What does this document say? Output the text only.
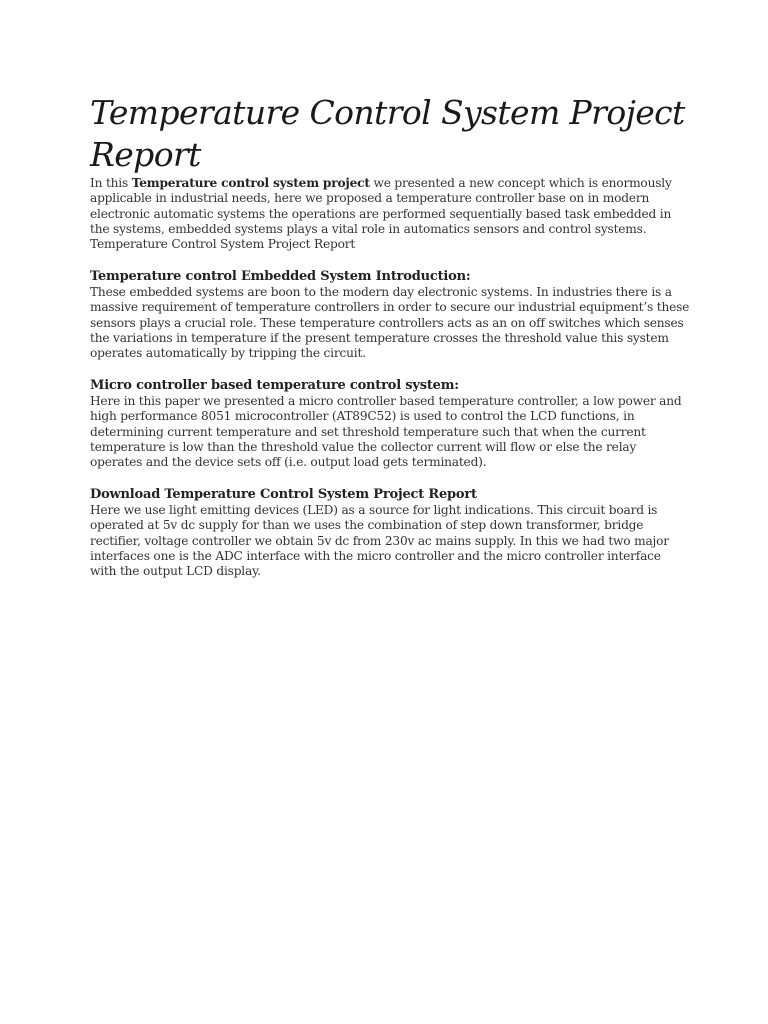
Temperature Control System Project Report

In this Temperature control system project we presented a new concept which is enormously applicable in industrial needs, here we proposed a temperature controller base on in modern electronic automatic systems the operations are performed sequentially based task embedded in the systems, embedded systems plays a vital role in automatics sensors and control systems.

Temperature Control System Project Report

Temperature control Embedded System Introduction:

These embedded systems are boon to the modern day electronic systems. In industries there is a massive requirement of temperature controllers in order to secure our industrial equipment’s these sensors plays a crucial role. These temperature controllers acts as an on off switches which senses the variations in temperature if the present temperature crosses the threshold value this system operates automatically by tripping the circuit.

Micro controller based temperature control system:

Here in this paper we presented a micro controller based temperature controller, a low power and high performance 8051 microcontroller (AT89C52) is used to control the LCD functions, in determining current temperature and set threshold temperature such that when the current temperature is low than the threshold value the collector current will flow or else the relay operates and the device sets off (i.e. output load gets terminated).

Download Temperature Control System Project Report

Here we use light emitting devices (LED) as a source for light indications. This circuit board is operated at 5v dc supply for than we uses the combination of step down transformer, bridge rectifier, voltage controller we obtain 5v dc from 230v ac mains supply. In this we had two major interfaces one is the ADC interface with the micro controller and the micro controller interface with the output LCD display.
